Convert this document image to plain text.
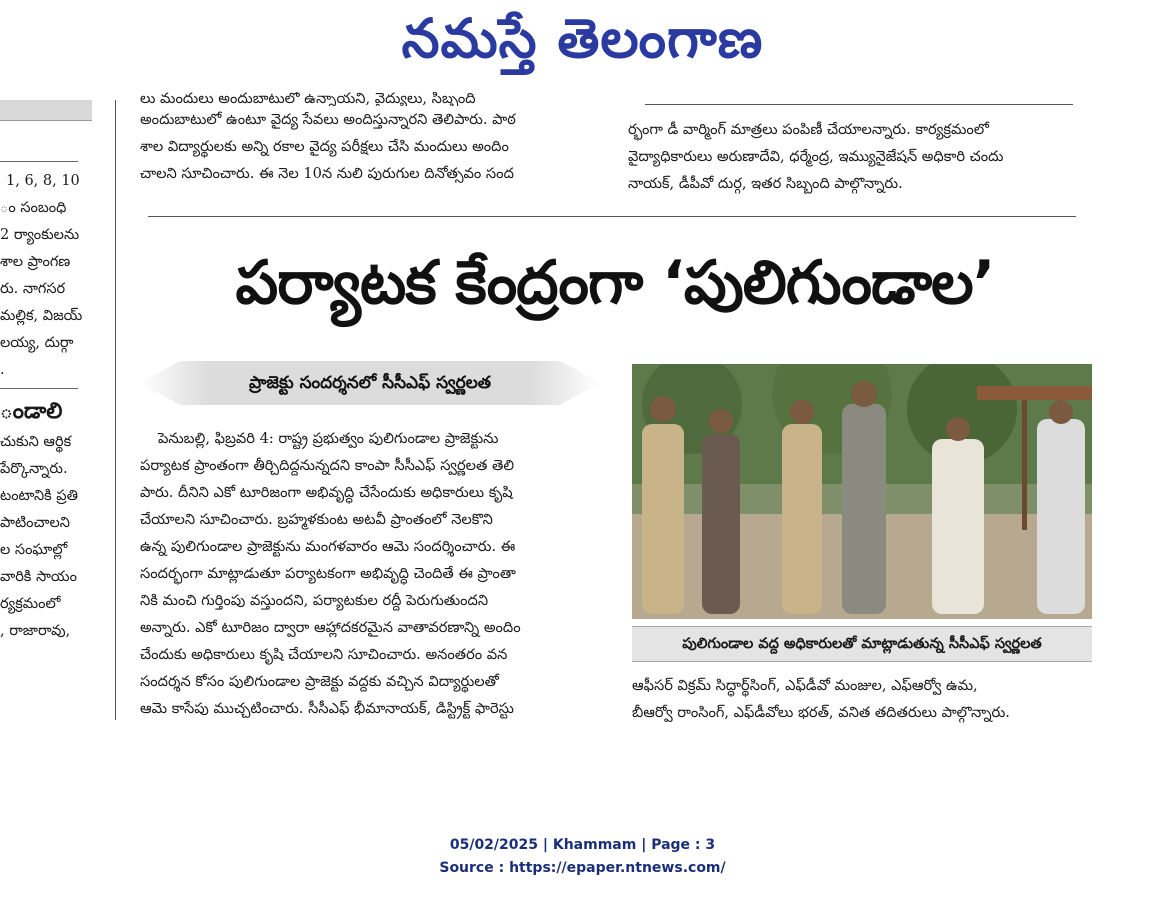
నమస్తే తెలంగాణ
1, 6, 8, 10
ం సంబంధి
2 ర్యాంకులను
శాల ప్రాంగణ
రు. నాగసర
మల్లిక, విజయ్
లయ్య, దుర్గా
.
ండాలి
చుకుని ఆర్థిక
పేర్కొన్నారు.
టంటానికి ప్రతి
పాటించాలని
ల సంఘాల్లో
వారికి సాయం
ర్యక్రమంలో
, రాజారావు,
లు మందులు అందుబాటులో ఉన్నాయని, వైద్యులు, సిబ్బంది
అందుబాటులో ఉంటూ వైద్య సేవలు అందిస్తున్నారని తెలిపారు. పాఠ
శాల విద్యార్థులకు అన్ని రకాల వైద్య పరీక్షలు చేసి మందులు అందిం
చాలని సూచించారు. ఈ నెల 10న నులి పురుగుల దినోత్సవం సంద
ర్భంగా డీ వార్మింగ్ మాత్రలు పంపిణీ చేయాలన్నారు. కార్యక్రమంలో
వైద్యాధికారులు అరుణాదేవి, ధర్మేంద్ర, ఇమ్యునైజేషన్ అధికారి చందు
నాయక్, డీపీవో దుర్గ, ఇతర సిబ్బంది పాల్గొన్నారు.
పర్యాటక కేంద్రంగా ‘పులిగుండాల’
ప్రాజెక్టు సందర్శనలో సీసీఎఫ్ స్వర్ణలత
పెనుబల్లి, ఫిబ్రవరి 4: రాష్ట్ర ప్రభుత్వం పులిగుండాల ప్రాజెక్టును
పర్యాటక ప్రాంతంగా తీర్చిదిద్దనున్నదని కాంపా సీసీఎఫ్ స్వర్ణలత తెలి
పారు. దీనిని ఎకో టూరిజంగా అభివృద్ధి చేసేందుకు అధికారులు కృషి
చేయాలని సూచించారు. బ్రహ్మళకుంట అటవీ ప్రాంతంలో నెలకొని
ఉన్న పులిగుండాల ప్రాజెక్టును మంగళవారం ఆమె సందర్శించారు. ఈ
సందర్భంగా మాట్లాడుతూ పర్యాటకంగా అభివృద్ధి చెందితే ఈ ప్రాంతా
నికి మంచి గుర్తింపు వస్తుందని, పర్యాటకుల రద్దీ పెరుగుతుందని
అన్నారు. ఎకో టూరిజం ద్వారా ఆహ్లాదకరమైన వాతావరణాన్ని అందిం
చేందుకు అధికారులు కృషి చేయాలని సూచించారు. అనంతరం వన
సందర్శన కోసం పులిగుండాల ప్రాజెక్టు వద్దకు వచ్చిన విద్యార్థులతో
ఆమె కాసేపు ముచ్చటించారు. సీసీఎఫ్ భీమానాయక్, డిస్ట్రిక్ట్ ఫారెస్టు
పులిగుండాల వద్ద అధికారులతో మాట్లాడుతున్న సీసీఎఫ్ స్వర్ణలత
ఆఫీసర్ విక్రమ్ సిద్ధార్థ్‌సింగ్, ఎఫ్‌డీవో మంజుల, ఎఫ్‌ఆర్వో ఉమ,
బీఆర్వో రాంసింగ్, ఎఫ్‌డీవోలు భరత్, వనిత తదితరులు పాల్గొన్నారు.
05/02/2025 | Khammam | Page : 3
Source : https://epaper.ntnews.com/
